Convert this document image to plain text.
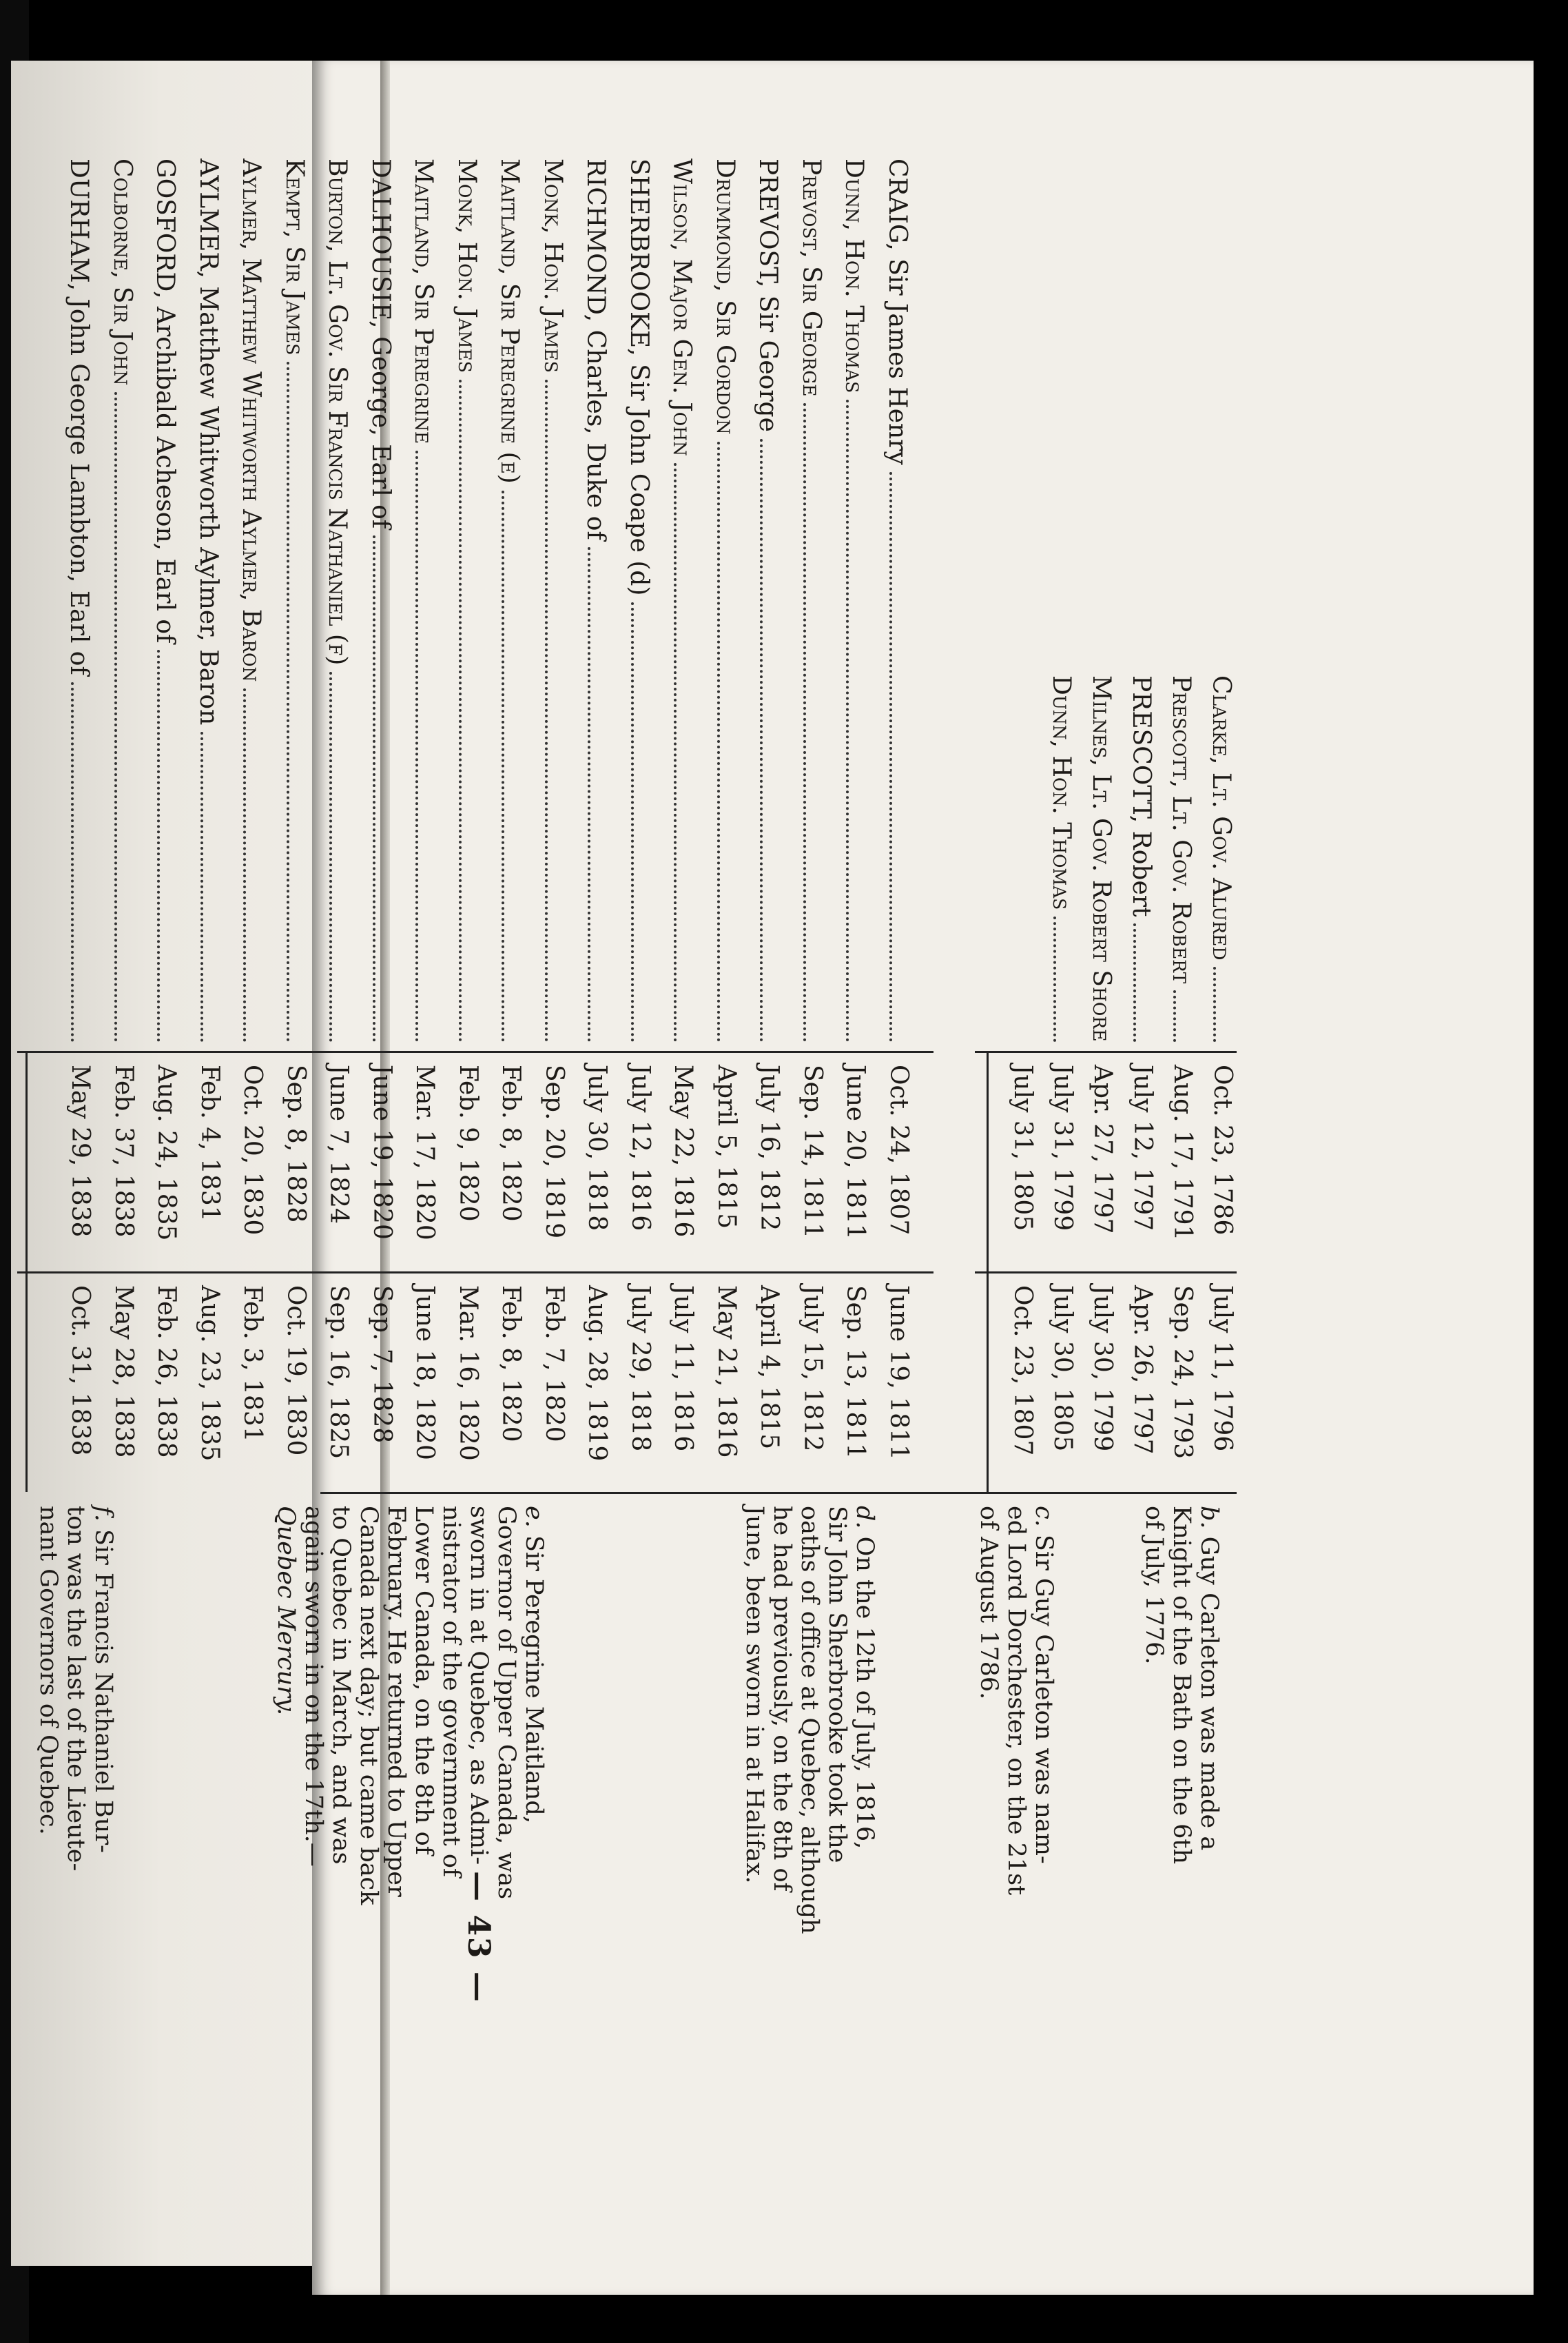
Clarke, Lt. Gov. Alured
Oct. 23, 1786
July 11, 1796
Prescott, Lt. Gov. Robert
Aug. 17, 1791
Sep. 24, 1793
PRESCOTT, Robert
July 12, 1797
Apr. 26, 1797
Milnes, Lt. Gov. Robert Shore
Apr. 27, 1797
July 30, 1799
Dunn, Hon. Thomas
July 31, 1799
July 30, 1805
July 31, 1805
Oct. 23, 1807
CRAIG, Sir James Henry
Oct. 24, 1807
June 19, 1811
Dunn, Hon. Thomas
June 20, 1811
Sep. 13, 1811
Prevost, Sir George
Sep. 14, 1811
July 15, 1812
PREVOST, Sir George
July 16, 1812
April 4, 1815
Drummond, Sir Gordon
April 5, 1815
May 21, 1816
Wilson, Major Gen. John
May 22, 1816
July 11, 1816
SHERBROOKE, Sir John Coape (d)
July 12, 1816
July 29, 1818
RICHMOND, Charles, Duke of
July 30, 1818
Aug. 28, 1819
Monk, Hon. James
Sep. 20, 1819
Feb. 7, 1820
Maitland, Sir Peregrine (e)
Feb. 8, 1820
Feb. 8, 1820
Monk, Hon. James
Feb. 9, 1820
Mar. 16, 1820
Maitland, Sir Peregrine
Mar. 17, 1820
June 18, 1820
DALHOUSIE, George, Earl of
June 19, 1820
Sep. 7, 1828
Burton, Lt. Gov. Sir Francis Nathaniel (f)
June 7, 1824
Sep. 16, 1825
Kempt, Sir James
Sep. 8, 1828
Oct. 19, 1830
Aylmer, Matthew Whitworth Aylmer, Baron
Oct. 20, 1830
Feb. 3, 1831
AYLMER, Matthew Whitworth Aylmer, Baron
Feb. 4, 1831
Aug. 23, 1835
GOSFORD, Archibald Acheson, Earl of
Aug. 24, 1835
Feb. 26, 1838
Colborne, Sir John
Feb. 37, 1838
May 28, 1838
DURHAM, John George Lambton, Earl of
May 29, 1838
Oct. 31, 1838
b. Guy Carleton was made a
Knight of the Bath on the 6th
of July, 1776.
c. Sir Guy Carleton was nam-
ed Lord Dorchester, on the 21st
of August 1786.
d. On the 12th of July, 1816,
Sir John Sherbrooke took the
oaths of office at Quebec, although
he had previously, on the 8th of
June, been sworn in at Halifax.
e. Sir Peregrine Maitland,
Governor of Upper Canada, was
sworn in at Quebec, as Admi-
nistrator of the government of
Lower Canada, on the 8th of
February. He returned to Upper
Canada next day; but came back
to Quebec in March, and was
again sworn in on the 17th.—
Quebec Mercury.
f. Sir Francis Nathaniel Bur-
ton was the last of the Lieute-
nant Governors of Quebec.
— 43 —
